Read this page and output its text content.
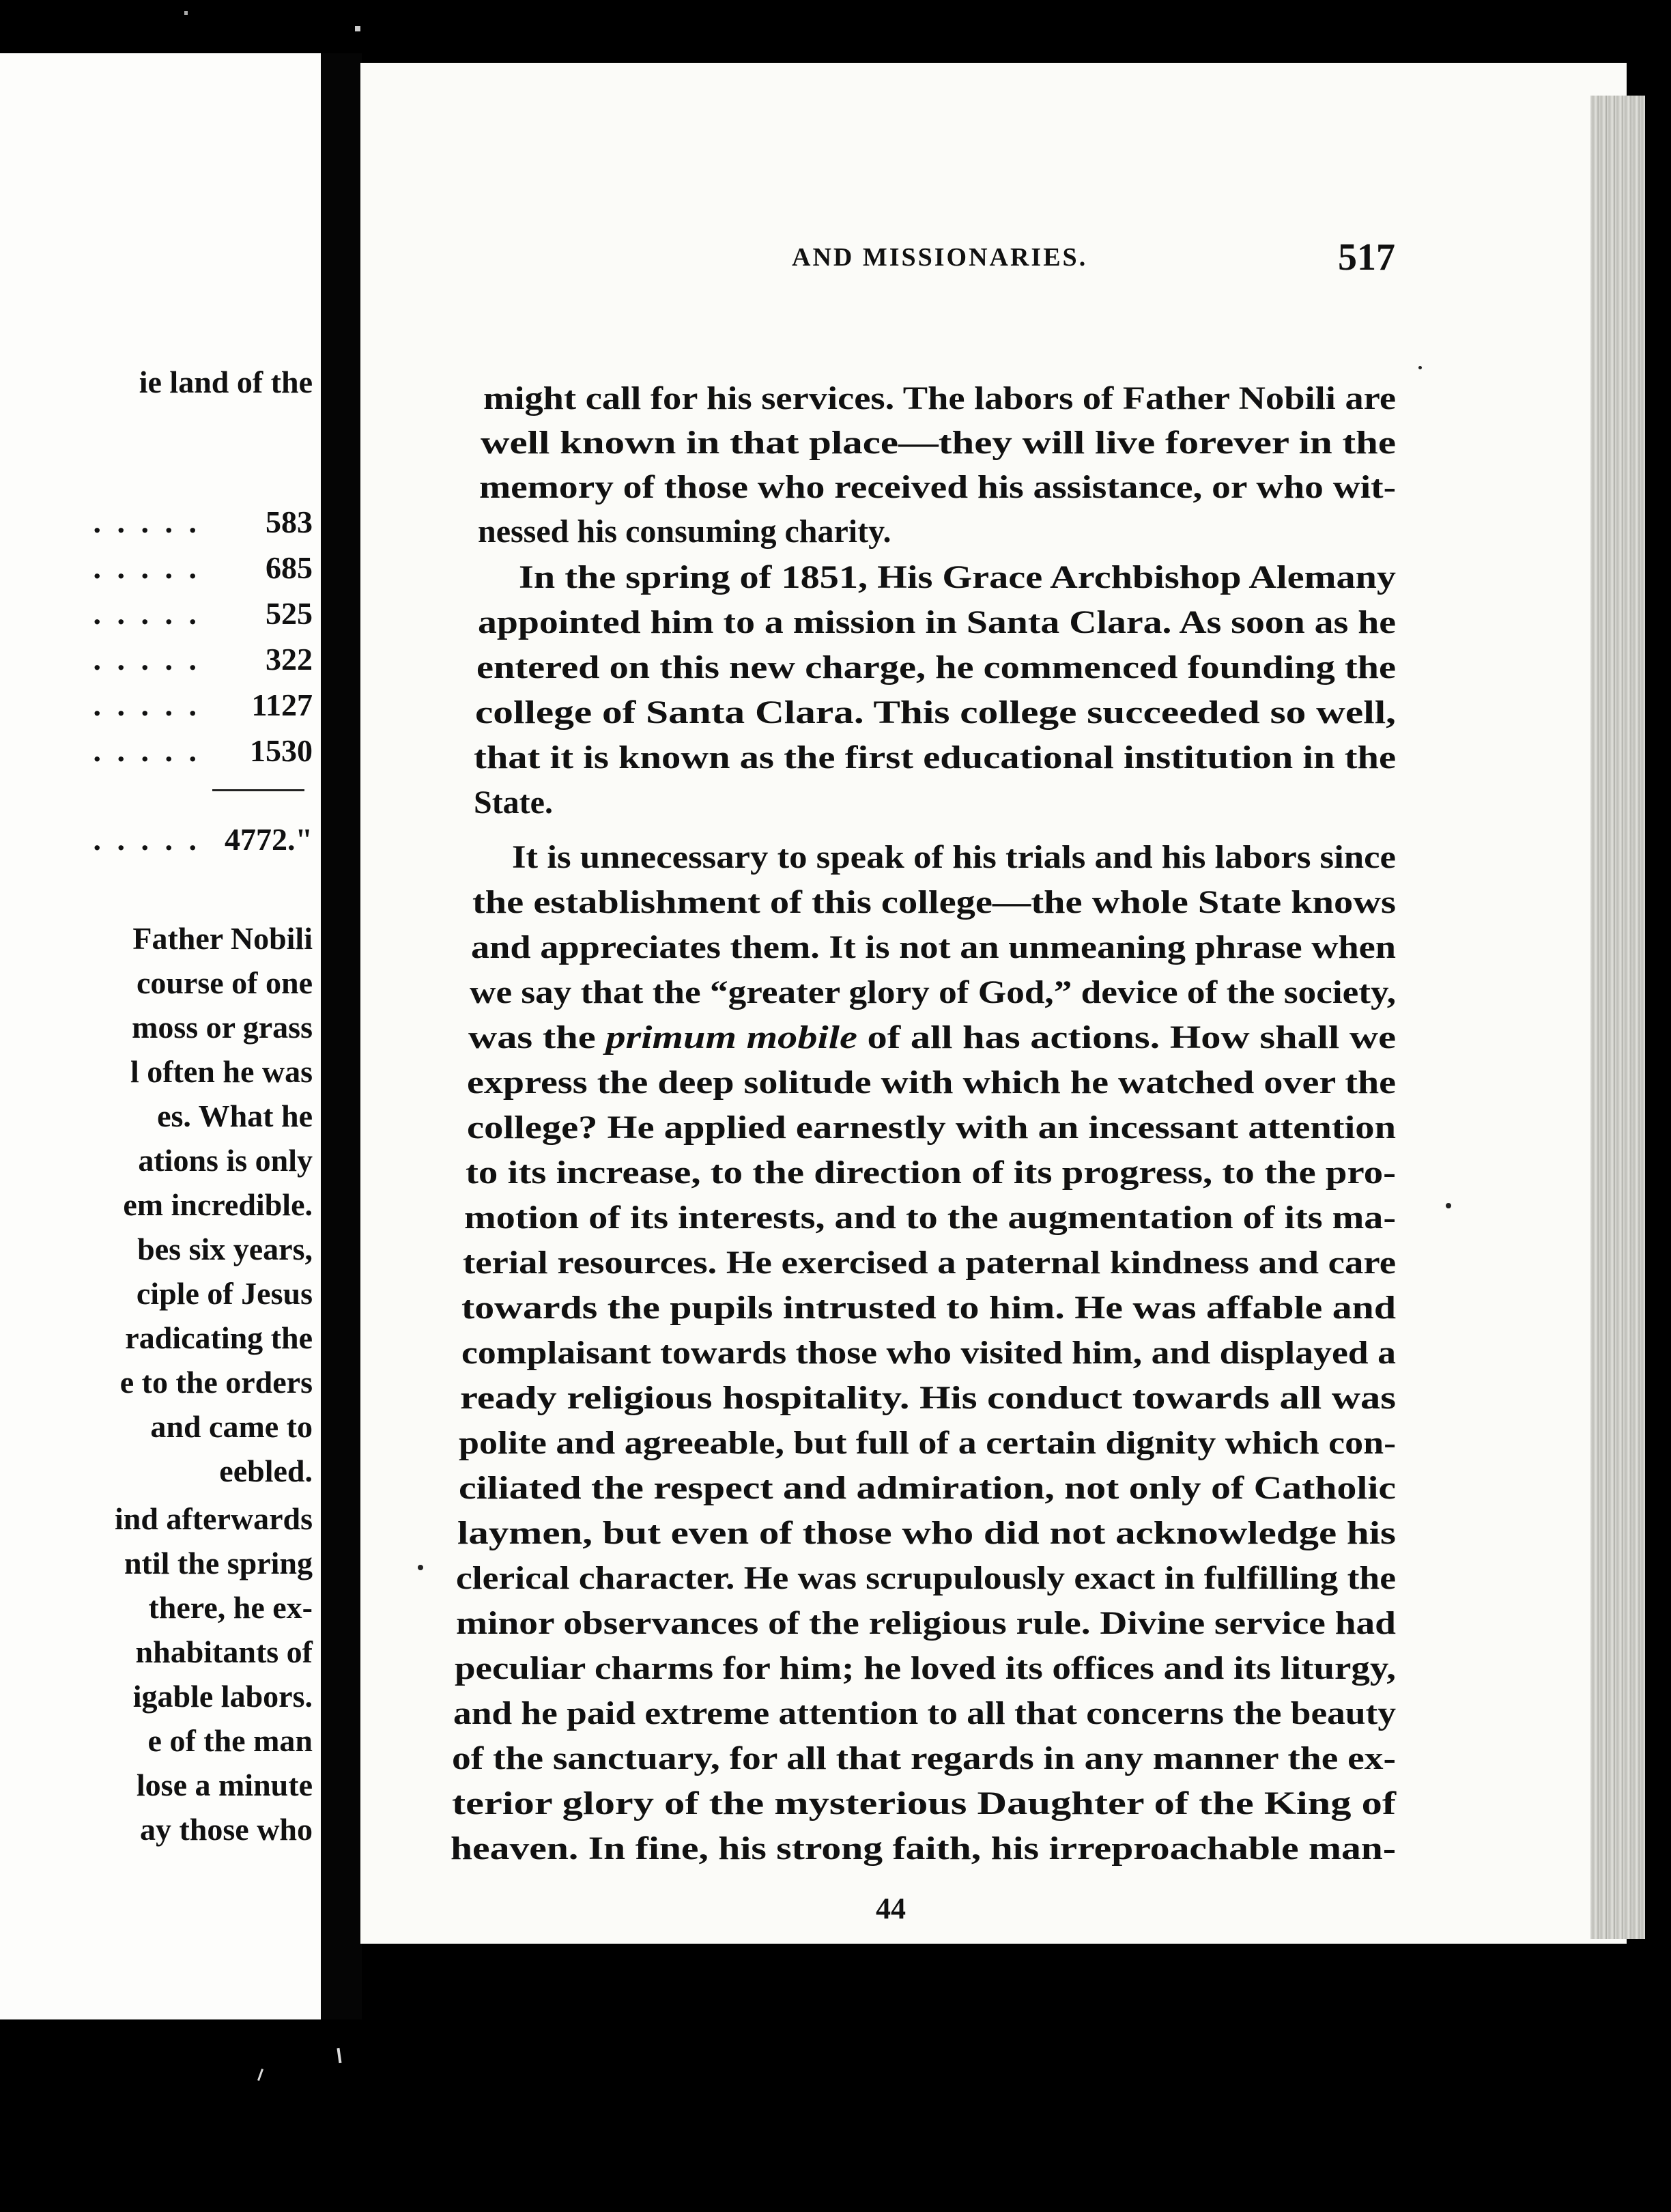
ie land of the
. . . . . 583
. . . . . 685
. . . . . 525
. . . . . 322
. . . . . 1127
. . . . . 1530
. . . . . 4772."
Father Nobili
course of one
moss or grass
l often he was
es. What he
ations is only
em incredible.
bes six years,
ciple of Jesus
radicating the
e to the orders
and came to
eebled.
ind afterwards
ntil the spring
there, he ex-
nhabitants of
igable labors.
e of the man
lose a minute
ay those who
AND MISSIONARIES.	517
might call for his services. The labors of Father Nobili are
well known in that place—they will live forever in the
memory of those who received his assistance, or who wit-
nessed his consuming charity.
In the spring of 1851, His Grace Archbishop Alemany
appointed him to a mission in Santa Clara. As soon as he
entered on this new charge, he commenced founding the
college of Santa Clara. This college succeeded so well,
that it is known as the first educational institution in the
State.
It is unnecessary to speak of his trials and his labors since
the establishment of this college—the whole State knows
and appreciates them. It is not an unmeaning phrase when
we say that the “greater glory of God,” device of the society,
was the primum mobile of all has actions. How shall we
express the deep solitude with which he watched over the
college? He applied earnestly with an incessant attention
to its increase, to the direction of its progress, to the pro-
motion of its interests, and to the augmentation of its ma-
terial resources. He exercised a paternal kindness and care
towards the pupils intrusted to him. He was affable and
complaisant towards those who visited him, and displayed a
ready religious hospitality. His conduct towards all was
polite and agreeable, but full of a certain dignity which con-
ciliated the respect and admiration, not only of Catholic
laymen, but even of those who did not acknowledge his
clerical character. He was scrupulously exact in fulfilling the
minor observances of the religious rule. Divine service had
peculiar charms for him; he loved its offices and its liturgy,
and he paid extreme attention to all that concerns the beauty
of the sanctuary, for all that regards in any manner the ex-
terior glory of the mysterious Daughter of the King of
heaven. In fine, his strong faith, his irreproachable man-
44
